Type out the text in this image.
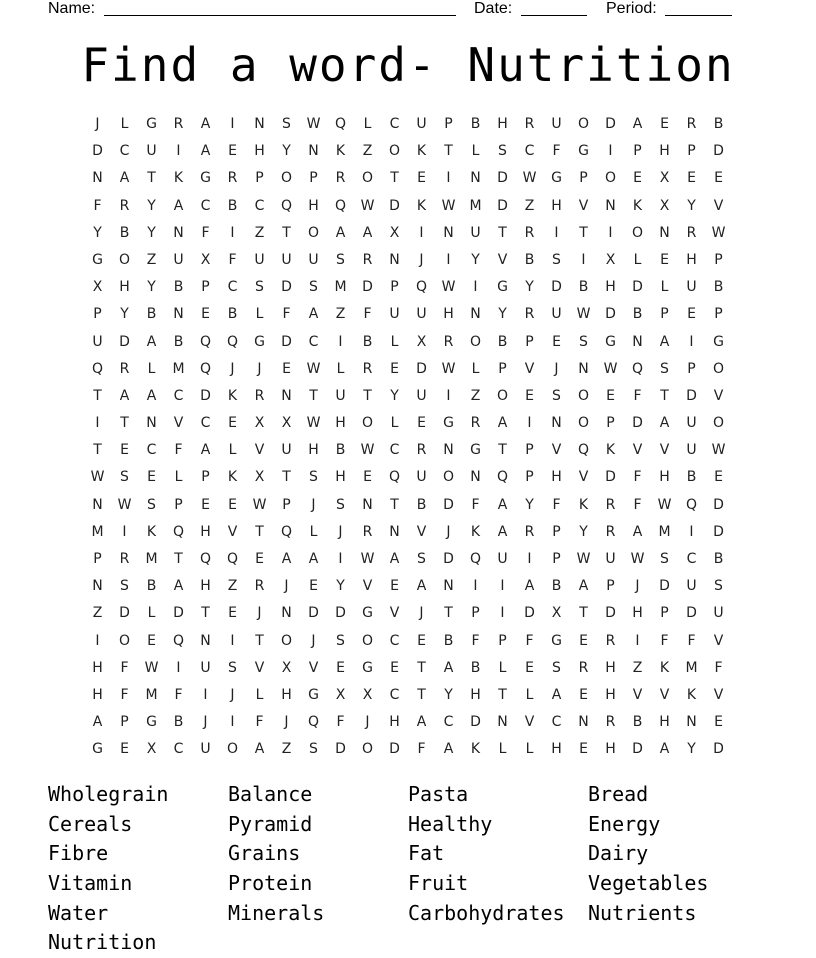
Name:	Date:	Period:
Find a word- Nutrition
J	L	G	R	A	I	N	S	W	Q	L	C	U	P	B	H	R	U	O	D	A	E	R	B
D	C	U	I	A	E	H	Y	N	K	Z	O	K	T	L	S	C	F	G	I	P	H	P	D
N	A	T	K	G	R	P	O	P	R	O	T	E	I	N	D	W	G	P	O	E	X	E	E
F	R	Y	A	C	B	C	Q	H	Q	W	D	K	W	M	D	Z	H	V	N	K	X	Y	V
Y	B	Y	N	F	I	Z	T	O	A	A	X	I	N	U	T	R	I	T	I	O	N	R	W
G	O	Z	U	X	F	U	U	U	S	R	N	J	I	Y	V	B	S	I	X	L	E	H	P
X	H	Y	B	P	C	S	D	S	M	D	P	Q	W	I	G	Y	D	B	H	D	L	U	B
P	Y	B	N	E	B	L	F	A	Z	F	U	U	H	N	Y	R	U	W	D	B	P	E	P
U	D	A	B	Q	Q	G	D	C	I	B	L	X	R	O	B	P	E	S	G	N	A	I	G
Q	R	L	M	Q	J	J	E	W	L	R	E	D	W	L	P	V	J	N	W	Q	S	P	O
T	A	A	C	D	K	R	N	T	U	T	Y	U	I	Z	O	E	S	O	E	F	T	D	V
I	T	N	V	C	E	X	X	W	H	O	L	E	G	R	A	I	N	O	P	D	A	U	O
T	E	C	F	A	L	V	U	H	B	W	C	R	N	G	T	P	V	Q	K	V	V	U	W
W	S	E	L	P	K	X	T	S	H	E	Q	U	O	N	Q	P	H	V	D	F	H	B	E
N	W	S	P	E	E	W	P	J	S	N	T	B	D	F	A	Y	F	K	R	F	W	Q	D
M	I	K	Q	H	V	T	Q	L	J	R	N	V	J	K	A	R	P	Y	R	A	M	I	D
P	R	M	T	Q	Q	E	A	A	I	W	A	S	D	Q	U	I	P	W	U	W	S	C	B
N	S	B	A	H	Z	R	J	E	Y	V	E	A	N	I	I	A	B	A	P	J	D	U	S
Z	D	L	D	T	E	J	N	D	D	G	V	J	T	P	I	D	X	T	D	H	P	D	U
I	O	E	Q	N	I	T	O	J	S	O	C	E	B	F	P	F	G	E	R	I	F	F	V
H	F	W	I	U	S	V	X	V	E	G	E	T	A	B	L	E	S	R	H	Z	K	M	F
H	F	M	F	I	J	L	H	G	X	X	C	T	Y	H	T	L	A	E	H	V	V	K	V
A	P	G	B	J	I	F	J	Q	F	J	H	A	C	D	N	V	C	N	R	B	H	N	E
G	E	X	C	U	O	A	Z	S	D	O	D	F	A	K	L	L	H	E	H	D	A	Y	D
Wholegrain	Balance	Pasta	Bread
Cereals	Pyramid	Healthy	Energy
Fibre	Grains	Fat	Dairy
Vitamin	Protein	Fruit	Vegetables
Water	Minerals	Carbohydrates	Nutrients
Nutrition
